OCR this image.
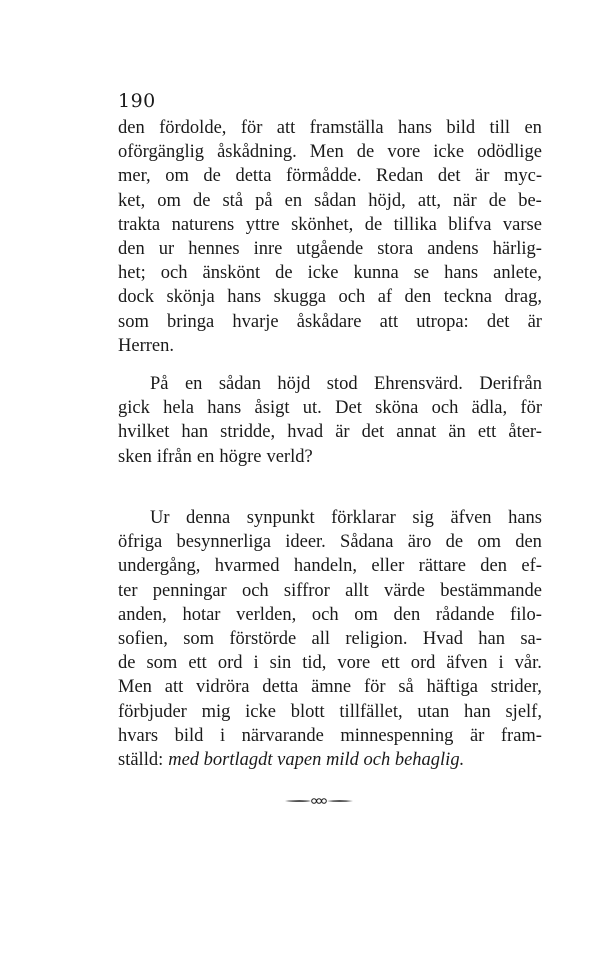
190
den fördolde, för att framställa hans bild till en
oförgänglig åskådning. Men de vore icke odödlige
mer, om de detta förmådde. Redan det är myc-
ket, om de stå på en sådan höjd, att, när de be-
trakta naturens yttre skönhet, de tillika blifva varse
den ur hennes inre utgående stora andens härlig-
het; och änskönt de icke kunna se hans anlete,
dock skönja hans skugga och af den teckna drag,
som bringa hvarje åskådare att utropa: det är
Herren.
På en sådan höjd stod Ehrensvärd. Derifrån
gick hela hans åsigt ut. Det sköna och ädla, för
hvilket han stridde, hvad är det annat än ett åter-
sken ifrån en högre verld?
Ur denna synpunkt förklarar sig äfven hans
öfriga besynnerliga ideer. Sådana äro de om den
undergång, hvarmed handeln, eller rättare den ef-
ter penningar och siffror allt värde bestämmande
anden, hotar verlden, och om den rådande filo-
sofien, som förstörde all religion. Hvad han sa-
de som ett ord i sin tid, vore ett ord äfven i vår.
Men att vidröra detta ämne för så häftiga strider,
förbjuder mig icke blott tillfället, utan han sjelf,
hvars bild i närvarande minnespenning är fram-
ställd: med bortlagdt vapen mild och behaglig.
